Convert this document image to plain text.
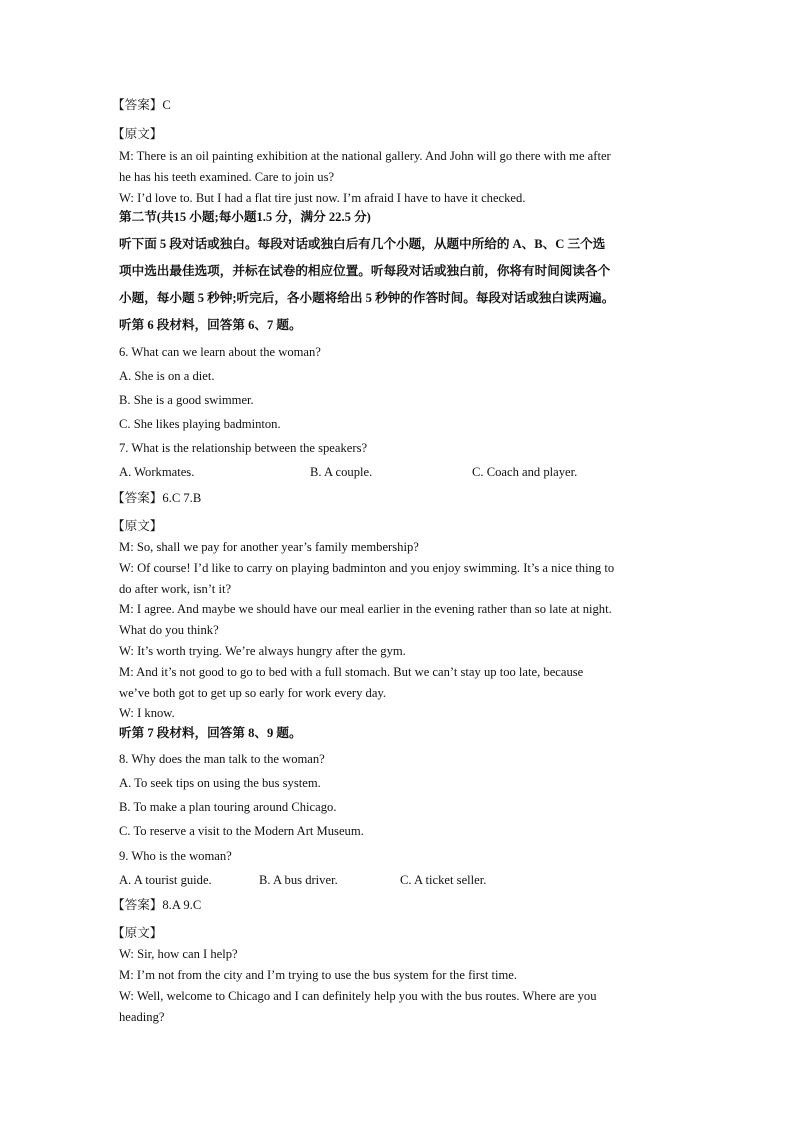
【答案】C
【原文】
M: There is an oil painting exhibition at the national gallery. And John will go there with me after
he has his teeth examined. Care to join us?
W: I’d love to. But I had a flat tire just now. I’m afraid I have to have it checked.
第二节(共15 小题;每小题1.5 分，满分 22.5 分)
听下面 5 段对话或独白。每段对话或独白后有几个小题，从题中所给的 A、B、C 三个选
项中选出最佳选项，并标在试卷的相应位置。听每段对话或独白前，你将有时间阅读各个
小题，每小题 5 秒钟;听完后，各小题将给出 5 秒钟的作答时间。每段对话或独白读两遍。
听第 6 段材料，回答第 6、7 题。
6. What can we learn about the woman?
A. She is on a diet.
B. She is a good swimmer.
C. She likes playing badminton.
7. What is the relationship between the speakers?
A. Workmates.	B. A couple.	C. Coach and player.
【答案】6.C 7.B
【原文】
M: So, shall we pay for another year’s family membership?
W: Of course! I’d like to carry on playing badminton and you enjoy swimming. It’s a nice thing to
do after work, isn’t it?
M: I agree. And maybe we should have our meal earlier in the evening rather than so late at night.
What do you think?
W: It’s worth trying. We’re always hungry after the gym.
M: And it’s not good to go to bed with a full stomach. But we can’t stay up too late, because
we’ve both got to get up so early for work every day.
W: I know.
听第 7 段材料，回答第 8、9 题。
8. Why does the man talk to the woman?
A. To seek tips on using the bus system.
B. To make a plan touring around Chicago.
C. To reserve a visit to the Modern Art Museum.
9. Who is the woman?
A. A tourist guide.	B. A bus driver.	C. A ticket seller.
【答案】8.A 9.C
【原文】
W: Sir, how can I help?
M: I’m not from the city and I’m trying to use the bus system for the first time.
W: Well, welcome to Chicago and I can definitely help you with the bus routes. Where are you
heading?
